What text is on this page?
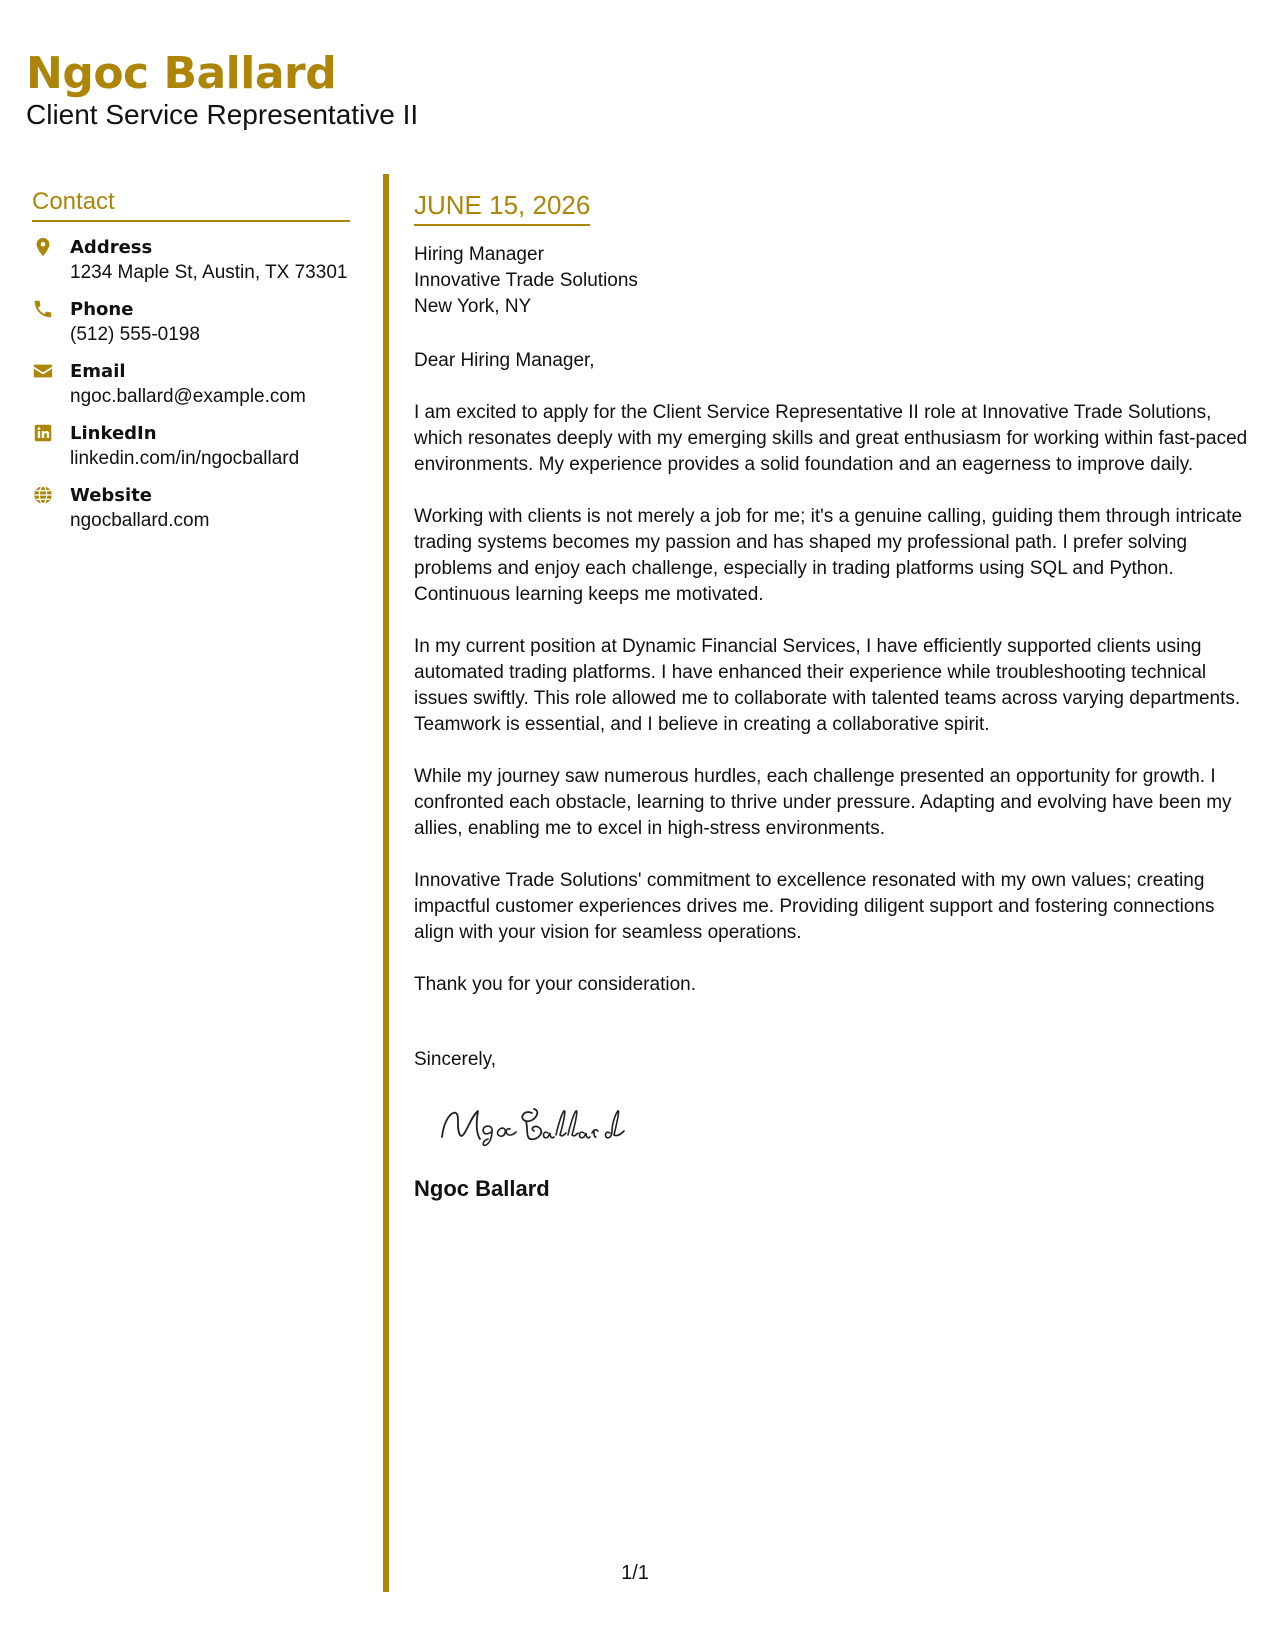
Ngoc Ballard
Client Service Representative II
Contact
Address
1234 Maple St, Austin, TX 73301
Phone
(512) 555-0198
Email
ngoc.ballard@example.com
LinkedIn
linkedin.com/in/ngocballard
Website
ngocballard.com
JUNE 15, 2026

Hiring Manager

Innovative Trade Solutions

New York, NY

Dear Hiring Manager,

I am excited to apply for the Client Service Representative II role at Innovative Trade Solutions, which resonates deeply with my emerging skills and great enthusiasm for working within fast-paced environments. My experience provides a solid foundation and an eagerness to improve daily.

Working with clients is not merely a job for me; it's a genuine calling, guiding them through intricate trading systems becomes my passion and has shaped my professional path. I prefer solving problems and enjoy each challenge, especially in trading platforms using SQL and Python. Continuous learning keeps me motivated.

In my current position at Dynamic Financial Services, I have efficiently supported clients using automated trading platforms. I have enhanced their experience while troubleshooting technical issues swiftly. This role allowed me to collaborate with talented teams across varying departments. Teamwork is essential, and I believe in creating a collaborative spirit.

While my journey saw numerous hurdles, each challenge presented an opportunity for growth. I confronted each obstacle, learning to thrive under pressure. Adapting and evolving have been my allies, enabling me to excel in high-stress environments.

Innovative Trade Solutions' commitment to excellence resonated with my own values; creating impactful customer experiences drives me. Providing diligent support and fostering connections align with your vision for seamless operations.

Thank you for your consideration.

Sincerely,

Ngoc Ballard
1/1
